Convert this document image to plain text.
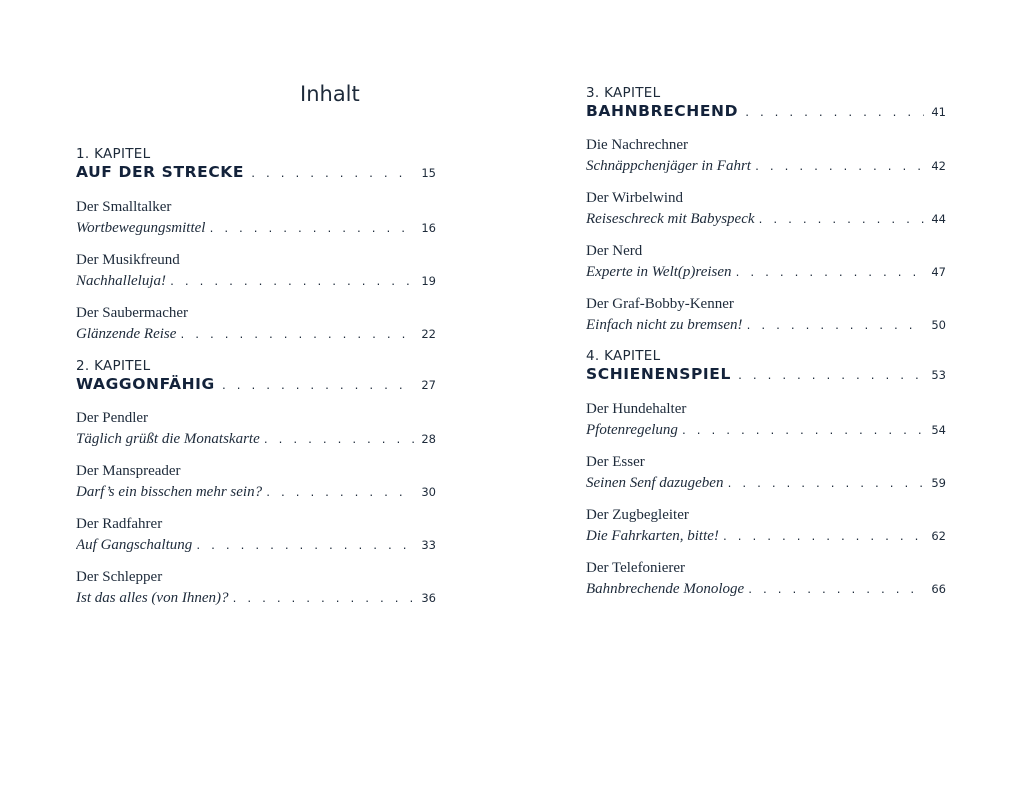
Inhalt
1. KAPITEL
AUF DER STRECKE . . .	15
Der Smalltalker
Wortbewegungsmittel . . .	16
Der Musikfreund
Nachhalleluja! . . .	19
Der Saubermacher
Glänzende Reise . . .	22
2. KAPITEL
WAGGONFÄHIG . . .	27
Der Pendler
Täglich grüßt die Monatskarte . . .	28
Der Manspreader
Darf’s ein bisschen mehr sein? . . .	30
Der Radfahrer
Auf Gangschaltung . . .	33
Der Schlepper
Ist das alles (von Ihnen)? . . .	36
3. KAPITEL
BAHNBRECHEND . . .	41
Die Nachrechner
Schnäppchenjäger in Fahrt . . .	42
Der Wirbelwind
Reiseschreck mit Babyspeck . . .	44
Der Nerd
Experte in Welt(p)reisen . . .	47
Der Graf-Bobby-Kenner
Einfach nicht zu bremsen! . . .	50
4. KAPITEL
SCHIENENSPIEL . . .	53
Der Hundehalter
Pfotenregelung . . .	54
Der Esser
Seinen Senf dazugeben . . .	59
Der Zugbegleiter
Die Fahrkarten, bitte! . . .	62
Der Telefonierer
Bahnbrechende Monologe . . .	66
